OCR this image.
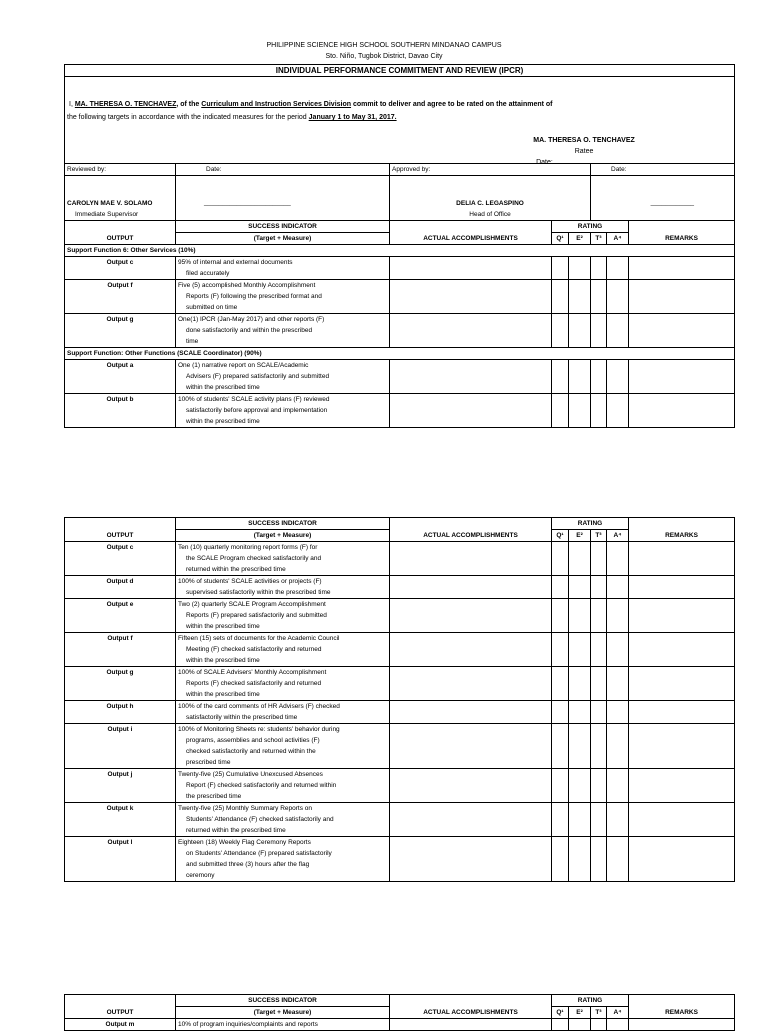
PHILIPPINE SCIENCE HIGH SCHOOL SOUTHERN MINDANAO CAMPUS
Sto. Niño, Tugbok District, Davao City
INDIVIDUAL PERFORMANCE COMMITMENT AND REVIEW (IPCR)							

I, MA. THERESA O. TENCHAVEZ, of the Curriculum and Instruction Services Division commit to deliver and agree to be rated on the attainment of
the following targets in accordance with the indicated measures for the period January 1 to May 31, 2017.
MA. THERESA O. TENCHAVEZ
Ratee
Date:							

Reviewed by:	Date:	Approved by:			Date:		

CAROLYN MAE V. SOLAMO
Immediate Supervisor	________________________	DELIA C. LEGASPINO
Head of Office			____________		
OUTPUT	SUCCESS INDICATOR	ACTUAL ACCOMPLISHMENTS	RATING				REMARKS
	(Target + Measure)		Q¹	E²	T³	A⁴	
Support Function 6: Other Services (10%)							
Output c	95% of internal and external documents
filed accurately						

Output f	Five (5) accomplished Monthly Accomplishment
Reports (F) following the prescribed format and
submitted on time						

Output g	One(1) IPCR (Jan-May 2017) and other reports (F)
done satisfactorily and within the prescribed
time						

Support Function: Other Functions (SCALE Coordinator) (90%)							
Output a	One (1) narrative report on SCALE/Academic
Advisers (F) prepared satisfactorily and submitted
within the prescribed time						

Output b	100% of students' SCALE activity plans (F) reviewed
satisfactorily before approval and implementation
within the prescribed time						

OUTPUT	SUCCESS INDICATOR	ACTUAL ACCOMPLISHMENTS	RATING				REMARKS
	(Target + Measure)		Q¹	E²	T³	A⁴	
Output c	Ten (10) quarterly monitoring report forms (F) for
the SCALE Program checked satisfactorily and
returned within the prescribed time						

Output d	100% of students' SCALE activities or projects (F)
supervised satisfactorily within the prescribed time						

Output e	Two (2) quarterly SCALE Program Accomplishment
Reports (F) prepared satisfactorily and submitted
within the prescribed time						

Output f	Fifteen (15) sets of documents for the Academic Council
Meeting (F) checked satisfactorily and returned
within the prescribed time						

Output g	100% of SCALE Advisers' Monthly Accomplishment
Reports (F) checked satisfactorily and returned
within the prescribed time						

Output h	100% of the card comments of HR Advisers (F) checked
satisfactorily within the prescribed time						

Output i	100% of Monitoring Sheets re: students' behavior during
programs, assemblies and school activities (F)
checked satisfactorily and returned within the
prescribed time						

Output j	Twenty-five (25) Cumulative Unexcused Absences
Report (F) checked satisfactorily and returned within
the prescribed time						

Output k	Twenty-five (25) Monthly Summary Reports on
Students' Attendance (F) checked satisfactorily and
returned within the prescribed time						

Output l	Eighteen (18) Weekly Flag Ceremony Reports
on Students' Attendance (F) prepared satisfactorily
and submitted three (3) hours after the flag
ceremony						

OUTPUT	SUCCESS INDICATOR	ACTUAL ACCOMPLISHMENTS	RATING				REMARKS
	(Target + Measure)		Q¹	E²	T³	A⁴	
Output m	10% of program inquiries/complaints and reports						
